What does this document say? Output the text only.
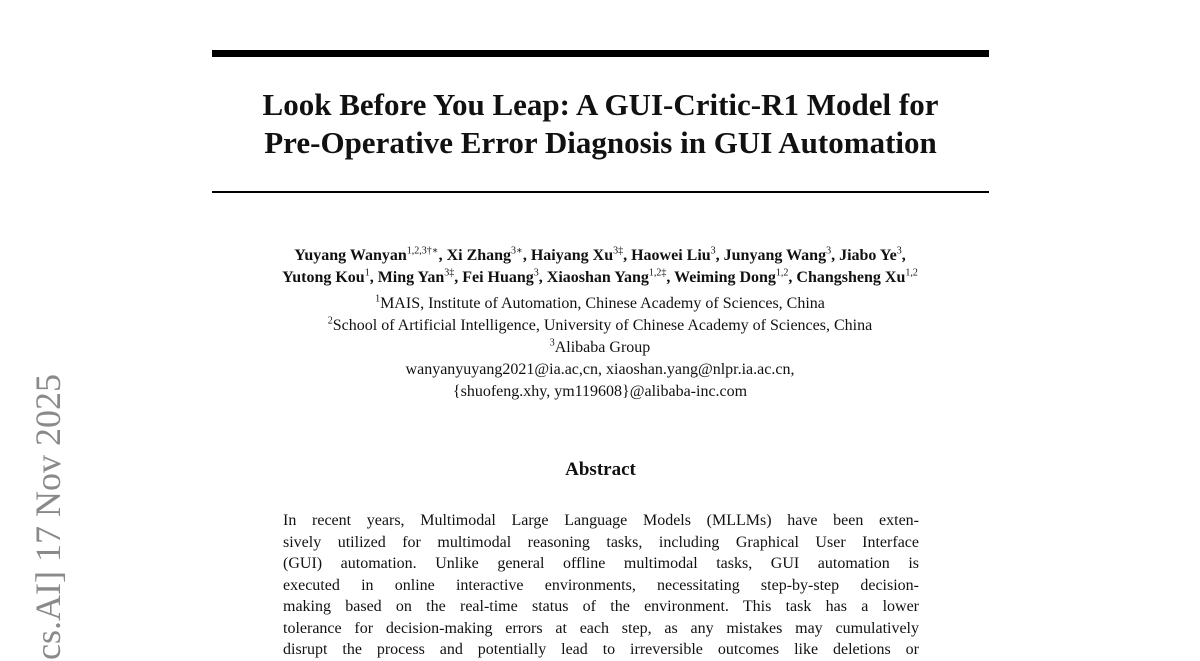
Look Before You Leap: A GUI-Critic-R1 Model for
Pre-Operative Error Diagnosis in GUI Automation
Yuyang Wanyan$^{1,2,3\dagger∗}$, Xi Zhang$^{3∗}$, Haiyang $Xu^{3\ddagger}$, Haowei Liu$^3$, Junyang Wang$^3$, Jiabo Ye$^3$,
Yutong Kou$^1$, Ming Yan$^{3\ddagger}$, Fei Huang$^3$, Xiaoshan Yang$^{1,2\ddagger}$, Weiming Dong$^{1,2}$, Changsheng Xu$^{1,2}$
$^1$MAIS, Institute of Automation, Chinese Academy of Sciences, China
$^2$School of Artificial Intelligence, University of Chinese Academy of Sciences, China
$^3$Alibaba Group
wanyanyuyang2021@ia.ac,cn, xiaoshan.yang@nlpr.ia.ac.cn,
{shuofeng.xhy, ym119608}@alibaba-inc.com
Abstract
In recent years, Multimodal Large Language Models (MLLMs) have been exten-
sively utilized for multimodal reasoning tasks, including Graphical User Interface
(GUI) automation. Unlike general offline multimodal tasks, GUI automation is
executed in online interactive environments, necessitating step-by-step decision-
making based on the real-time status of the environment. This task has a lower
tolerance for decision-making errors at each step, as any mistakes may cumulatively
disrupt the process and potentially lead to irreversible outcomes like deletions or
cs.AI] 17 Nov 2025
